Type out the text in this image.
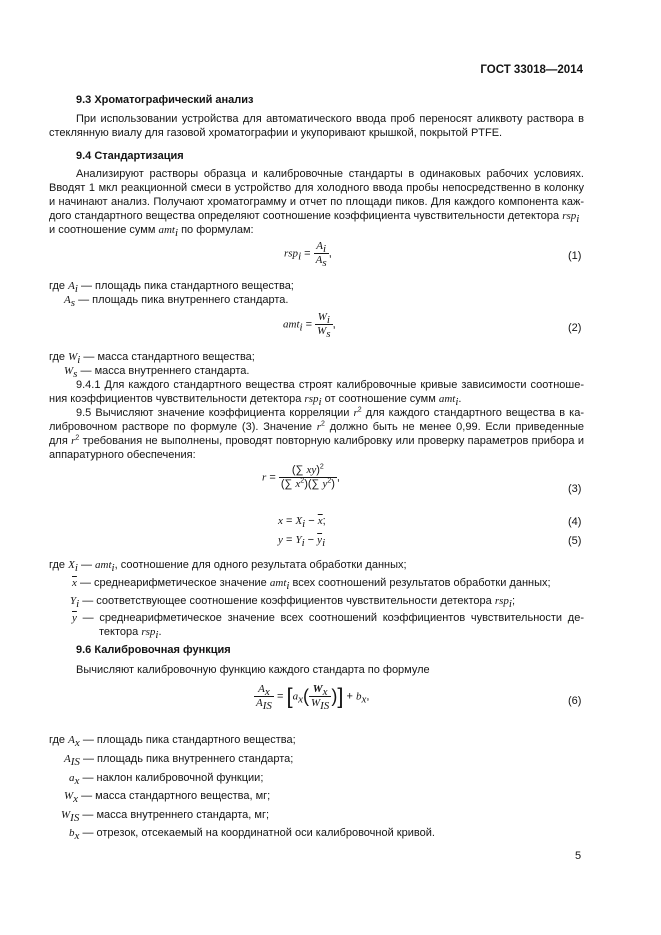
ГОСТ 33018—2014
9.3 Хроматографический анализ
При использовании устройства для автоматического ввода проб переносят аликвоту раствора в
стеклянную виалу для газовой хроматографии и укупоривают крышкой, покрытой PTFE.
9.4 Стандартизация
Анализируют растворы образца и калибровочные стандарты в одинаковых рабочих условиях.
Вводят 1 мкл реакционной смеси в устройство для холодного ввода пробы непосредственно в колонку
и начинают анализ. Получают хроматограмму и отчет по площади пиков. Для каждого компонента каж-
дого стандартного вещества определяют соотношение коэффициента чувствительности детектора rsp$_i$
и соотношение сумм amt$_i$ по формулам:
$rsp_i = \frac{A_i}{A_s}$ ,	(1)
где $A_i$ — площадь пика стандартного вещества;
$A_s$ — площадь пика внутреннего стандарта.
$amt_i = \frac{W_i}{W_s}$ ,	(2)
где $W_i$ — масса стандартного вещества;
$W_s$ — масса внутреннего стандарта.
9.4.1 Для каждого стандартного вещества строят калибровочные кривые зависимости соотноше-
ния коэффициентов чувствительности детектора rsp$_i$ от соотношение сумм amt$_i$.
9.5 Вычисляют значение коэффициента корреляции $r^2$ для каждого стандартного вещества в ка-
либровочном растворе по формуле (3). Значение $r^2$ должно быть не менее 0,99. Если приведенные
для $r^2$ требования не выполнены, проводят повторную калибровку или проверку параметров прибора и
аппаратурного обеспечения:
$r = \frac{(\sum xy)^2}{(\sum x^2)(\sum y^2)}$ ,
(3)
$x = X_i - \overline{x}$;	(4)
$y = Y_i - \overline{y}_i$	(5)
где $X_i$ — amt$_i$, соотношение для одного результата обработки данных;
$\overline{x}$ — среднеарифметическое значение amt$_i$ всех соотношений результатов обработки данных;
$Y_i$ — соответствующее соотношение коэффициентов чувствительности детектора rsp$_i$;
$\overline{y}$ — среднеарифметическое значение всех соотношений коэффициентов чувствительности де-
тектора rsp$_i$.
9.6 Калибровочная функция
Вычисляют калибровочную функцию каждого стандарта по формуле
$\frac{A_x}{A_{IS}} = [a_x( \frac{W_x}{W_{IS}}$ )] + $b_x$,	(6)
где $A_x$ — площадь пика стандартного вещества;
$A_{IS}$ — площадь пика внутреннего стандарта;
$a_x$ — наклон калибровочной функции;
$W_x$ — масса стандартного вещества, мг;
$W_{IS}$ — масса внутреннего стандарта, мг;
$b_x$ — отрезок, отсекаемый на координатной оси калибровочной кривой.
5
